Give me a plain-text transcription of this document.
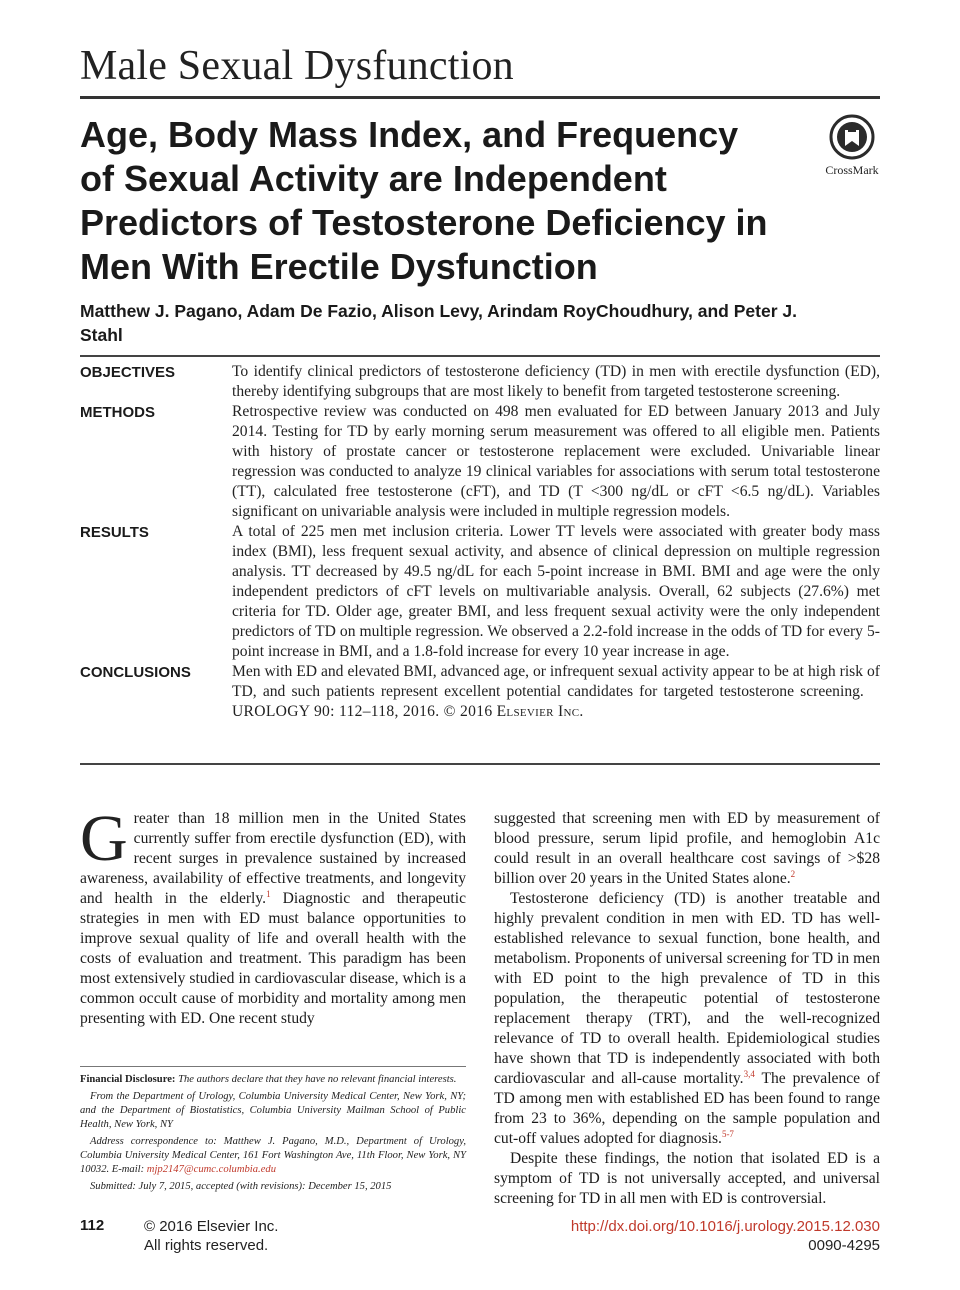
Male Sexual Dysfunction
Age, Body Mass Index, and Frequency of Sexual Activity are Independent Predictors of Testosterone Deficiency in Men With Erectile Dysfunction
CrossMark

Matthew J. Pagano, Adam De Fazio, Alison Levy, Arindam RoyChoudhury, and Peter J. Stahl

OBJECTIVES	To identify clinical predictors of testosterone deficiency (TD) in men with erectile dysfunction (ED), thereby identifying subgroups that are most likely to benefit from targeted testosterone screening.
METHODS	Retrospective review was conducted on 498 men evaluated for ED between January 2013 and July 2014. Testing for TD by early morning serum measurement was offered to all eligible men. Patients with history of prostate cancer or testosterone replacement were excluded. Univariable linear regression was conducted to analyze 19 clinical variables for associations with serum total testosterone (TT), calculated free testosterone (cFT), and TD (T <300 ng/dL or cFT <6.5 ng/dL). Variables significant on univariable analysis were included in multiple regression models.
RESULTS	A total of 225 men met inclusion criteria. Lower TT levels were associated with greater body mass index (BMI), less frequent sexual activity, and absence of clinical depression on multiple regression analysis. TT decreased by 49.5 ng/dL for each 5-point increase in BMI. BMI and age were the only independent predictors of cFT levels on multivariable analysis. Overall, 62 subjects (27.6%) met criteria for TD. Older age, greater BMI, and less frequent sexual activity were the only independent predictors of TD on multiple regression. We observed a 2.2-fold increase in the odds of TD for every 5-point increase in BMI, and a 1.8-fold increase for every 10 year increase in age.
CONCLUSIONS	Men with ED and elevated BMI, advanced age, or infrequent sexual activity appear to be at high risk of TD, and such patients represent excellent potential candidates for targeted testosterone screening.    UROLOGY 90: 112–118, 2016. © 2016 Elsevier Inc.

Greater than 18 million men in the United States currently suffer from erectile dysfunction (ED), with recent surges in prevalence sustained by increased awareness, availability of effective treatments, and longevity and health in the elderly.$^1$ Diagnostic and therapeutic strategies in men with ED must balance opportunities to improve sexual quality of life and overall health with the costs of evaluation and treatment. This paradigm has been most extensively studied in cardiovascular disease, which is a common occult cause of morbidity and mortality among men presenting with ED. One recent study

suggested that screening men with ED by measurement of blood pressure, serum lipid profile, and hemoglobin A1c could result in an overall healthcare cost savings of >$28 billion over 20 years in the United States alone.$^2$

Testosterone deficiency (TD) is another treatable and highly prevalent condition in men with ED. TD has well-established relevance to sexual function, bone health, and metabolism. Proponents of universal screening for TD in men with ED point to the high prevalence of TD in this population, the therapeutic potential of testosterone replacement therapy (TRT), and the well-recognized relevance of TD to overall health. Epidemiological studies have shown that TD is independently associated with both cardiovascular and all-cause mortality.$^{3,4}$ The prevalence of TD among men with established ED has been found to range from 23 to 36%, depending on the sample population and cut-off values adopted for diagnosis.$^{5-7}$

Despite these findings, the notion that isolated ED is a symptom of TD is not universally accepted, and universal screening for TD in all men with ED is controversial.

Financial Disclosure: The authors declare that they have no relevant financial interests.

From the Department of Urology, Columbia University Medical Center, New York, NY; and the Department of Biostatistics, Columbia University Mailman School of Public Health, New York, NY

Address correspondence to: Matthew J. Pagano, M.D., Department of Urology, Columbia University Medical Center, 161 Fort Washington Ave, 11th Floor, New York, NY 10032. E-mail: mjp2147@cumc.columbia.edu

Submitted: July 7, 2015, accepted (with revisions): December 15, 2015

112	© 2016 Elsevier Inc.
All rights reserved.
http://dx.doi.org/10.1016/j.urology.2015.12.030
0090-4295
